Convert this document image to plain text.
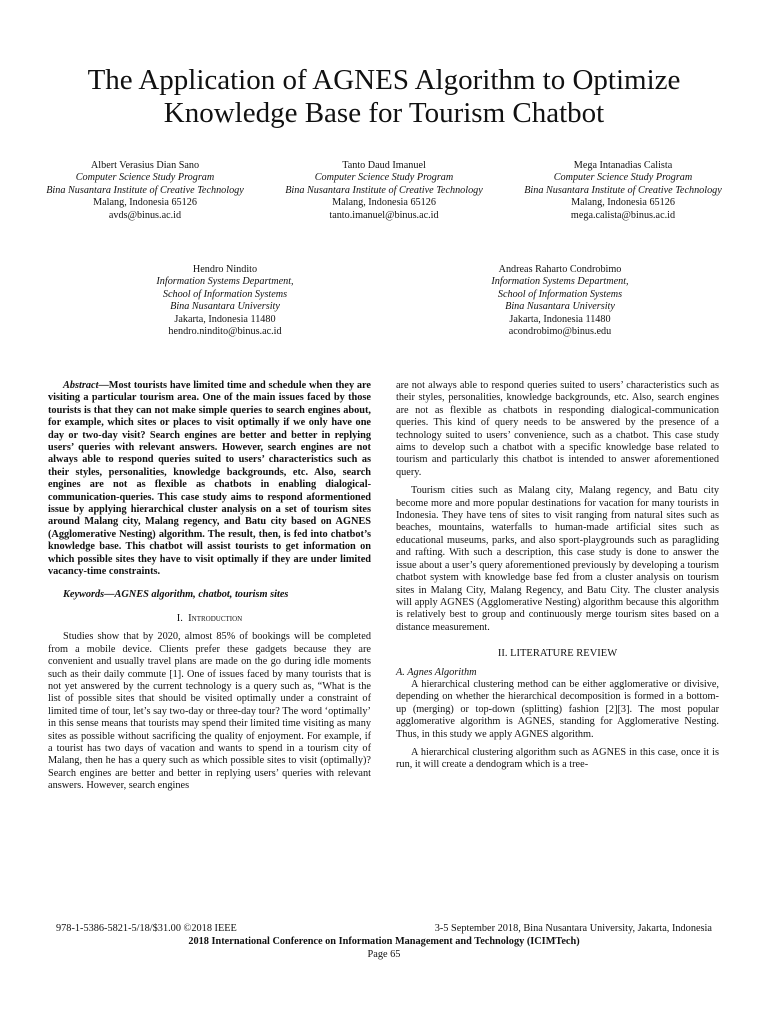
The Application of AGNES Algorithm to Optimize Knowledge Base for Tourism Chatbot
Albert Verasius Dian Sano
Computer Science Study Program
Bina Nusantara Institute of Creative Technology
Malang, Indonesia 65126
avds@binus.ac.id
Tanto Daud Imanuel
Computer Science Study Program
Bina Nusantara Institute of Creative Technology
Malang, Indonesia 65126
tanto.imanuel@binus.ac.id
Mega Intanadias Calista
Computer Science Study Program
Bina Nusantara Institute of Creative Technology
Malang, Indonesia 65126
mega.calista@binus.ac.id
Hendro Nindito
Information Systems Department,
School of Information Systems
Bina Nusantara University
Jakarta, Indonesia 11480
hendro.nindito@binus.ac.id
Andreas Raharto Condrobimo
Information Systems Department,
School of Information Systems
Bina Nusantara University
Jakarta, Indonesia 11480
acondrobimo@binus.edu

Abstract—Most tourists have limited time and schedule when they are visiting a particular tourism area. One of the main issues faced by those tourists is that they can not make simple queries to search engines about, for example, which sites or places to visit optimally if we only have one day or two-day visit? Search engines are better and better in replying users’ queries with relevant answers. However, search engines are not always able to respond queries suited to users’ characteristics such as their styles, personalities, knowledge backgrounds, etc. Also, search engines are not as flexible as chatbots in enabling dialogical-communication-queries. This case study aims to respond aformentioned issue by applying hierarchical cluster analysis on a set of tourism sites around Malang city, Malang regency, and Batu city based on AGNES (Agglomerative Nesting) algorithm. The result, then, is fed into chatbot’s knowledge base. This chatbot will assist tourists to get information on which possible sites they have to visit optimally if they are under limited vacancy-time constraints.

Keywords—AGNES algorithm, chatbot, tourism sites

I. Introduction

Studies show that by 2020, almost 85% of bookings will be completed from a mobile device. Clients prefer these gadgets because they are convenient and usually travel plans are made on the go during idle moments such as their daily commute [1]. One of issues faced by many tourists that is not yet answered by the current technology is a query such as, “What is the list of possible sites that should be visited optimally under a constraint of limited time of tour, let’s say two-day or three-day tour? The word ‘optimally’ in this sense means that tourists may spend their limited time visiting as many sites as possible without sacrificing the quality of enjoyment. For example, if a tourist has two days of vacation and wants to spend in a tourism city of Malang, then he has a query such as which possible sites to visit (optimally)? Search engines are better and better in replying users’ queries with relevant answers. However, search engines

are not always able to respond queries suited to users’ characteristics such as their styles, personalities, knowledge backgrounds, etc. Also, search engines are not as flexible as chatbots in responding dialogical-communication queries. This kind of query needs to be answered by the presence of a technology suited to users’ convenience, such as a chatbot. This case study aims to develop such a chatbot with a specific knowledge base related to tourism and particularly this chatbot is intended to answer aforementioned query.

Tourism cities such as Malang city, Malang regency, and Batu city become more and more popular destinations for vacation for many tourists in Indonesia. They have tens of sites to visit ranging from natural sites such as beaches, mountains, waterfalls to human-made artificial sites such as educational museums, parks, and also sport-playgrounds such as paragliding and rafting. With such a description, this case study is done to answer the issue about a user’s query aforementioned previously by developing a tourism chatbot system with knowledge base fed from a cluster analysis on tourism sites in Malang City, Malang Regency, and Batu City. The cluster analysis will apply AGNES (Agglomerative Nesting) algorithm because this algorithm is relatively best to group and continuously merge tourism sites based on a distance measurement.

II. LITERATURE REVIEW

A. Agnes Algorithm

A hierarchical clustering method can be either agglomerative or divisive, depending on whether the hierarchical decomposition is formed in a bottom-up (merging) or top-down (splitting) fashion [2][3]. The most popular agglomerative algorithm is AGNES, standing for Agglomerative Nesting. Thus, in this study we apply AGNES algorithm.

A hierarchical clustering algorithm such as AGNES in this case, once it is run, it will create a dendogram which is a tree-

978-1-5386-5821-5/18/$31.00 ©2018 IEEE	3-5 September 2018, Bina Nusantara University, Jakarta, Indonesia
2018 International Conference on Information Management and Technology (ICIMTech)
Page 65
